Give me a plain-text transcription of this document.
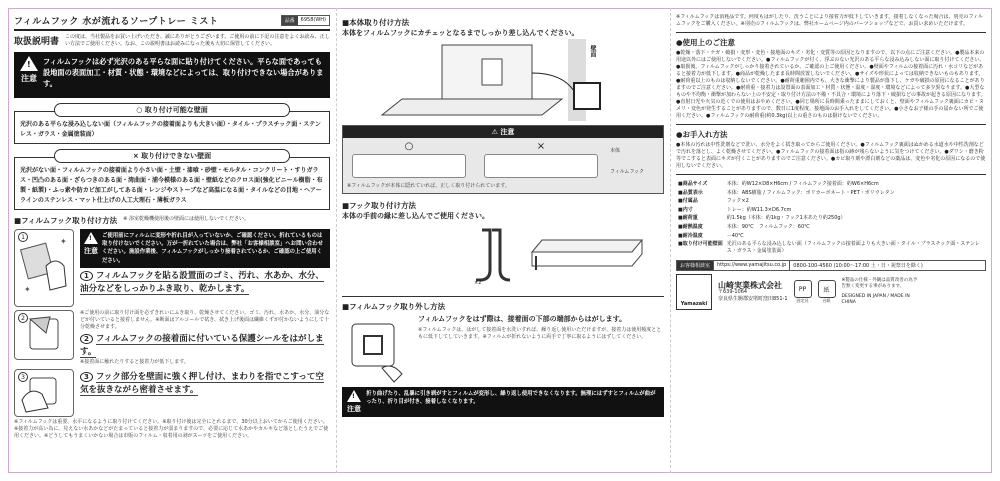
フィルムフック 水が流れるソープトレー ミスト	品番	6958(WH)
取扱説明書 この度は、当社製品をお買い上げいただき、誠にありがとうございます。ご使用の前に下記の注意をよくお読み、正しい方法でご使用ください。なお、この説明書はお読みになった後も大切に保管してください。
!
注意

フィルムフックは必ず光沢のある平らな面に貼り付けてください。平らな面であっても設地面の表面加工・材質・状態・環境などによっては、取り付けできない場合があります。

○ 取り付け可能な壁面
光沢のある平らな浸み込しない面（フィルムフックの接着面よりも大きい面）・タイル・プラスチック面・ステンレス・ガラス・金属塗装面）
× 取り付けできない壁面
光沢がない面・フィルムフックの接着面より小さい面・土壁・漆喰・砂壁・モルタル・コンクリート・すりガラス・凹凸のある面・ざらつきのある面・湾曲面・浦今模様のある面・壁紙などのクロス面(強化ビニール樹脂・布製・紙製)・ふっ素や防カビ加工がしてある面・レンジやストーブなど高温になる面・タイルなどの目地・ヘアーラインのステンレス・マット仕上げの人工大理石・薄板ガラス
■フィルムフック取り付け方法 ※ 浴室乾燥機使用後の壁面には使用しないでください。
1
✦
✦	!
注意

ご使用前にフィルムに変形や折れ目が入っていないか、ご確認ください。折れているものは取り付けないでください。万が一折れていた場合は、弊社「お客様相談室」へお問い合わせください。施設作業後、フィルムフックがしっかり接着されているか、ご確認の上ご使用ください。

1 フィルムフックを貼る設置面のゴミ、汚れ、水あか、水分、油分などをしっかりふき取り、乾かします。
2

※ご使用の前に取り付け面を必ずきれいにふき取り、乾燥させてください。ゴミ、汚れ、水あか、水分、油分などが付いていると接着しません。※断面はアルコールで拭き、拭き上げ後面は繊維くずが付かないようにして十分乾燥させます。

2 フィルムフックの接着面に付いている保護シールをはがします。

※接着面に触れたりすると接着力が低下します。

3	3 フック部分を壁面に強く押し付け、まわりを指でこすって空気を抜きながら密着させます。

※フィルムフックは重要、水平になるように取り付けてください。※取り付け後は完全にとれるまで、30分以上おいてからご使用ください。※接着力が高い為に、見えない水あかなどがたまっていると接着力が弱まりますので、必要に応じて水あかやカルキなど落としたうえでご使用ください。※どうしてもうまくいかない場合は市販のフィルム・収着用の剥がスーツをご使用ください。

■本体取り付け方法
本体をフィルムフックにカチェッとなるまでしっかり差し込んでください。
壁面
⚠ 注意
○	×	本体
フィルムフック

※フィルムフックが本体に隠れていれば、正しく取り付けられています。

■フック取り付け方法
本体の手前の縁に差し込んでご使用ください。
×2
■フィルムフック取り外し方法
フィルムフックをはず際は、接着面の下部の端部からはがします。

※フィルムフックは、はがして接着面を水洗いすれば、繰り返し使用いただけますが、接着力は使用頻度とともに低下してしていきます。※フィルムが折れないように両手で丁寧に取るようにはずしてください。

!
注意

折り曲げたり、乱暴に引き剥がすとフィルムが変形し、繰り返し使用できなくなります。無理にはずすとフィルムが曲がったり、折り目が付き、接着しなくなります。

※フィルムフックは消耗品です。何度もはがしたり、洗うことにより接着力が低下していきます。接着しなくなった場合は、別売のフィルムフックをご購入ください。※別売のフィルムフックは、弊社ホームページ内のパーツショップなどで、お買い求めいただけます。

●使用上のご注意

●乾燥・落下・ケガ・破損・変形・変色・接地面のキズ・劣化・変質等の原因となりますので、以下の点にご注意ください。●製品本来の用途以外にはご使用しないでください。●フィルムフックが付く、浮ぶのない光沢のある平らな浸み込みしない面に取り付けてください。●取扱後、フィルムフックがしっかり接着されているか、ご確認の上ご使用ください。●壁面やフィルムの接着面に汚れ・水コリなどがあると接着力が低下します。●商品が乾燥したまま長時間放置しないでください。●サイズや形状によっては収納できないものもあります。●耐荷重以上のものは収納しないでください。●耐荷重範囲内でも、大きな衝撃により製品が落下し、ケガや破損の原因になることがありますのでご注意ください。●耐荷重・接着力は設置面の表面加工・材質・状態・温度・湿度・環境などによって多少異なります。●大型なものや不均衡・衝撃が加わらない上の不安定・取り付け方法の不備・不具合・環境により落下・破損などの事故が起きる原因になります。●直射日光や火気の近くでの使用はおやめください。●同じ場所に長時間乗ったままにしておくと、壁面やフィルムフック裏面にカビ・ヌメリ・変色が発生することがありますので、数日に1度程度、接地面のお手入れをしてください。●小さなお子様の手の届かない所でご使用ください。●フィルムフックの耐荷重(約0.3kg)以上の重さのものは掛けないでください。

●お手入れ方法

●本体の汚れは中性洗剤などで洗い、水分をよく拭き取ってからご使用ください。●フィルムフック裏面はぬかめる水道水や中性洗剤などで汚れを落とし、よく乾燥させてください。●フィルムフックの接着面は指の跡が残らないように気をつけてください。●ダワシ・磨き粉等でこすると表面にキズが付くことがありますのでご注意ください。●カビ取り剤や漂白剤などの薬品は、変色や劣化の原因になるので使用しないでください。

■商品サイズ	本体：約W12×D8×H6cm / フィルムフック接着面：約W6×H6cm
■品質表示	本体：ABS樹脂 / フィルムフック：ポリカーボネート・PET・ポリウレタン
■付属品	フック×2
■内寸	トレー：約W11.3×D6.7cm
■耐荷重	約1.5kg（本体：約1kg・フック1本あたり約250g）
■耐熱温度	本体：90℃　フィルムフック：60℃
■耐冷温度	－40℃
■取り付け可能壁面	光沢のある平らな浸み込しない面（フィルムフックの接着面よりも大きい面・タイル・プラスチック面・ステンレス・ガラス・金属塗装面）
お客様相談室	https://www.yamajitsu.co.jp	0800-100-4560 (10:00～17:00 土・日・祝祭日を除く)
Yamazaki
山崎実業株式会社
〒639-1064
奈良県生駒郡安堵町窪田851-1
PP
固定具
紙
台紙
※製品の仕様・外観は品質改善の為予告無く変更する事があります。
DESIGNED IN JAPAN / MADE IN CHINA
